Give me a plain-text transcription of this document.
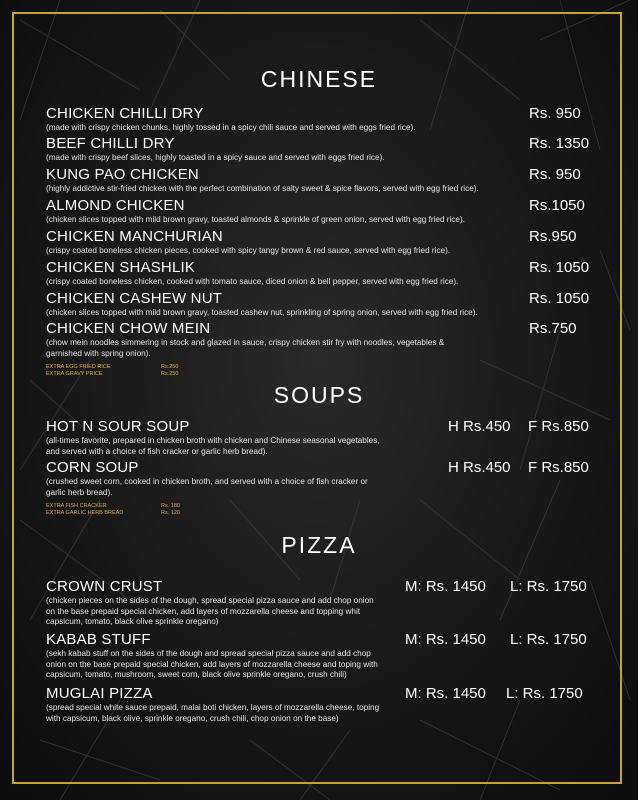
CHINESE
CHICKEN CHILLI DRY
(made with crispy chicken chunks, highly tossed in a spicy chili sauce and served with eggs fried rice).
Rs. 950
BEEF CHILLI DRY
(made with crispy beef slices, highly toasted in a spicy sauce and served with eggs fried rice).
Rs. 1350
KUNG PAO CHICKEN
(highly addictive stir-fried chicken with the perfect combination of salty sweet & spice flavors, served with egg fried rice).
Rs. 950
ALMOND CHICKEN
(chicken slices topped with mild brown gravy, toasted almonds & sprinkle of green onion, served with egg fried rice).
Rs.1050
CHICKEN MANCHURIAN
(crispy coated boneless chicken pieces, cooked with spicy tangy brown & red sauce, served with egg fried rice).
Rs.950
CHICKEN SHASHLIK
(crispy coated boneless chicken, cooked with tomato sauce, diced onion & bell pepper, served with egg fried rice).
Rs. 1050
CHICKEN CASHEW NUT
(chicken slices topped with mild brown gravy, toasted cashew nut, sprinkling of spring onion, served with egg fried rice).
Rs. 1050
CHICKEN CHOW MEIN
(chow mein noodles simmering in stock and glazed in sauce, crispy chicken stir fry with noodles, vegetables &
garnished with spring onion).
Rs.750
EXTRA EGG FRIED RICE	Rs.250
EXTRA GRAVY PRICE	Rs.250
SOUPS
HOT N SOUR SOUP
(all-times favorite, prepared in chicken broth with chicken and Chinese seasonal vegetables,
and served with a choice of fish cracker or garlic herb bread).
H Rs.450 F Rs.850
CORN SOUP
(crushed sweet corn, cooked in chicken broth, and served with a choice of fish cracker or
garlic herb bread).
H Rs.450 F Rs.850
EXTRA FISH CRACKER	Rs. 180
EXTRA GARLIC HERB BREAD	Rs. 120
PIZZA
CROWN CRUST
(chicken pieces on the sides of the dough, spread special pizza sauce and add chop onion
on the base prepaid special chicken, add layers of mozzarella cheese and topping whit
capsicum, tomato, black olive sprinkle oregano)
M: Rs. 1450 L: Rs. 1750
KABAB STUFF
(sekh kabab stuff on the sides of the dough and spread special pizza sauce and add chop
onion on the base prepaid special chicken, add layers of mozzarella cheese and toping with
capsicum, tomato, mushroom, sweet corn, black olive sprinkle oregano, crush chili)
M: Rs. 1450 L: Rs. 1750
MUGLAI PIZZA
(spread special white sauce prepaid, malai boti chicken, layers of mozzarella cheese, toping
with capsicum, black olive, sprinkle oregano, crush chili, chop onion on the base)
M: Rs. 1450 L: Rs. 1750
